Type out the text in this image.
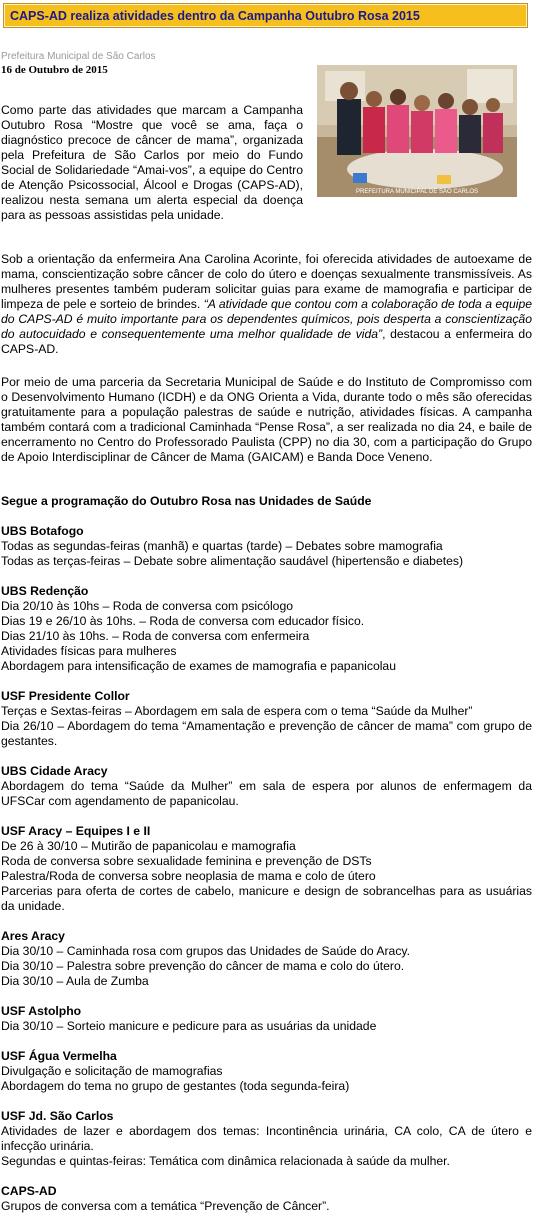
CAPS-AD realiza atividades dentro da Campanha Outubro Rosa 2015
Prefeitura Municipal de São Carlos
16 de Outubro de 2015
PREFEITURA MUNICIPAL DE SÃO CARLOS
Como parte das atividades que marcam a Campanha Outubro Rosa “Mostre que você se ama, faça o diagnóstico precoce de câncer de mama”, organizada pela Prefeitura de São Carlos por meio do Fundo Social de Solidariedade “Amai-vos”, a equipe do Centro de Atenção Psicossocial, Álcool e Drogas (CAPS-AD), realizou nesta semana um alerta especial da doença para as pessoas assistidas pela unidade.
Sob a orientação da enfermeira Ana Carolina Acorinte, foi oferecida atividades de autoexame de mama, conscientização sobre câncer de colo do útero e doenças sexualmente transmissíveis. As mulheres presentes também puderam solicitar guias para exame de mamografia e participar de limpeza de pele e sorteio de brindes. “A atividade que contou com a colaboração de toda a equipe do CAPS-AD é muito importante para os dependentes químicos, pois desperta a conscientização do autocuidado e consequentemente uma melhor qualidade de vida”, destacou a enfermeira do CAPS-AD.
Por meio de uma parceria da Secretaria Municipal de Saúde e do Instituto de Compromisso com o Desenvolvimento Humano (ICDH) e da ONG Orienta a Vida, durante todo o mês são oferecidas gratuitamente para a população palestras de saúde e nutrição, atividades físicas. A campanha também contará com a tradicional Caminhada “Pense Rosa”, a ser realizada no dia 24, e baile de encerramento no Centro do Professorado Paulista (CPP) no dia 30, com a participação do Grupo de Apoio Interdisciplinar de Câncer de Mama (GAICAM) e Banda Doce Veneno.
Segue a programação do Outubro Rosa nas Unidades de Saúde
UBS Botafogo
Todas as segundas-feiras (manhã) e quartas (tarde) – Debates sobre mamografia
Todas as terças-feiras – Debate sobre alimentação saudável (hipertensão e diabetes)
UBS Redenção
Dia 20/10 às 10hs – Roda de conversa com psicólogo
Dias 19 e 26/10 às 10hs. – Roda de conversa com educador físico.
Dias 21/10 às 10hs. – Roda de conversa com enfermeira
Atividades físicas para mulheres
Abordagem para intensificação de exames de mamografia e papanicolau
USF Presidente Collor
Terças e Sextas-feiras – Abordagem em sala de espera com o tema “Saúde da Mulher”
Dia 26/10 – Abordagem do tema “Amamentação e prevenção de câncer de mama” com grupo de gestantes.
UBS Cidade Aracy
Abordagem do tema “Saúde da Mulher” em sala de espera por alunos de enfermagem da UFSCar com agendamento de papanicolau.
USF Aracy – Equipes I e II
De 26 à 30/10 – Mutirão de papanicolau e mamografia
Roda de conversa sobre sexualidade feminina e prevenção de DSTs
Palestra/Roda de conversa sobre neoplasia de mama e colo de útero
Parcerias para oferta de cortes de cabelo, manicure e design de sobrancelhas para as usuárias da unidade.
Ares Aracy
Dia 30/10 – Caminhada rosa com grupos das Unidades de Saúde do Aracy.
Dia 30/10 – Palestra sobre prevenção do câncer de mama e colo do útero.
Dia 30/10 – Aula de Zumba
USF Astolpho
Dia 30/10 – Sorteio manicure e pedicure para as usuárias da unidade
USF Água Vermelha
Divulgação e solicitação de mamografias
Abordagem do tema no grupo de gestantes (toda segunda-feira)
USF Jd. São Carlos
Atividades de lazer e abordagem dos temas: Incontinência urinária, CA colo, CA de útero e infecção urinária.
Segundas e quintas-feiras: Temática com dinâmica relacionada à saúde da mulher.
CAPS-AD
Grupos de conversa com a temática “Prevenção de Câncer”.
